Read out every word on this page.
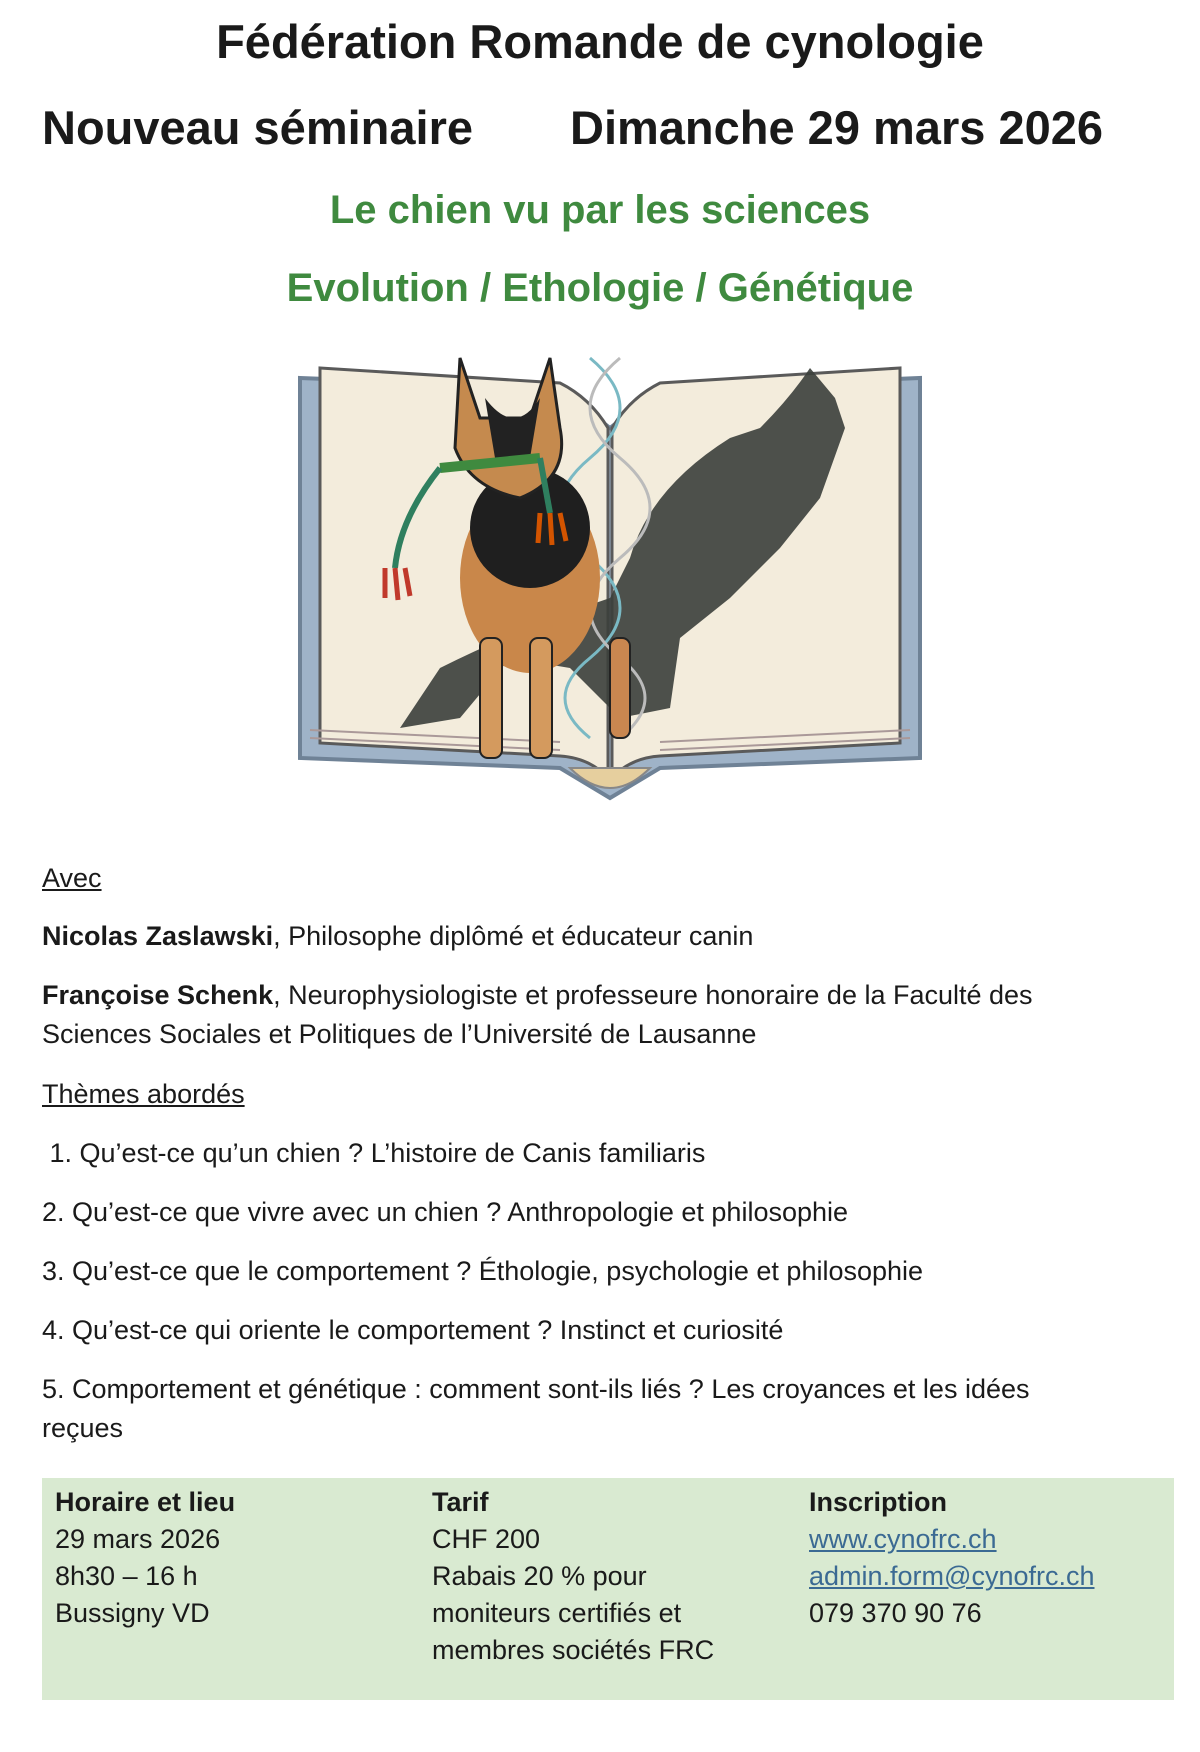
Fédération Romande de cynologie
Nouveau séminaire Dimanche 29 mars 2026
Le chien vu par les sciences
Evolution / Ethologie / Génétique
Avec
Nicolas Zaslawski, Philosophe diplômé et éducateur canin
Françoise Schenk, Neurophysiologiste et professeure honoraire de la Faculté des
Sciences Sociales et Politiques de l’Université de Lausanne
Thèmes abordés
1. Qu’est-ce qu’un chien ? L’histoire de Canis familiaris
2. Qu’est-ce que vivre avec un chien ? Anthropologie et philosophie
3. Qu’est-ce que le comportement ? Éthologie, psychologie et philosophie
4. Qu’est-ce qui oriente le comportement ? Instinct et curiosité
5. Comportement et génétique : comment sont-ils liés ? Les croyances et les idées
reçues
Horaire et lieu
29 mars 2026
8h30 – 16 h
Bussigny VD
Tarif
CHF 200
Rabais 20 % pour
moniteurs certifiés et
membres sociétés FRC
Inscription
www.cynofrc.ch
admin.form@cynofrc.ch
079 370 90 76
